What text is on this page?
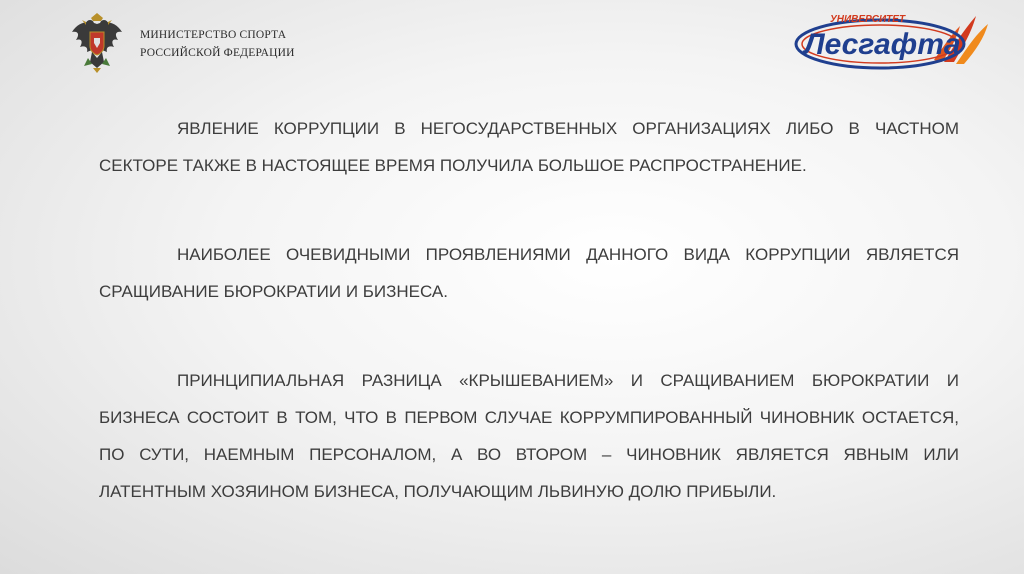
МИНИСТЕРСТВО СПОРТА
РОССИЙСКОЙ ФЕДЕРАЦИИ
УНИВЕРСИТЕТ
Лесгафта

ЯВЛЕНИЕ КОРРУПЦИИ В НЕГОСУДАРСТВЕННЫХ ОРГАНИЗАЦИЯХ ЛИБО В ЧАСТНОМ СЕКТОРЕ ТАКЖЕ В НАСТОЯЩЕЕ ВРЕМЯ ПОЛУЧИЛА БОЛЬШОЕ РАСПРОСТРАНЕНИЕ.

НАИБОЛЕЕ ОЧЕВИДНЫМИ ПРОЯВЛЕНИЯМИ ДАННОГО ВИДА КОРРУПЦИИ ЯВЛЯЕТСЯ СРАЩИВАНИЕ БЮРОКРАТИИ И БИЗНЕСА.

ПРИНЦИПИАЛЬНАЯ РАЗНИЦА «КРЫШЕВАНИЕМ» И СРАЩИВАНИЕМ БЮРОКРАТИИ И БИЗНЕСА СОСТОИТ В ТОМ, ЧТО В ПЕРВОМ СЛУЧАЕ КОРРУМПИРОВАННЫЙ ЧИНОВНИК ОСТАЕТСЯ, ПО СУТИ, НАЕМНЫМ ПЕРСОНАЛОМ, А ВО ВТОРОМ – ЧИНОВНИК ЯВЛЯЕТСЯ ЯВНЫМ ИЛИ ЛАТЕНТНЫМ ХОЗЯИНОМ БИЗНЕСА, ПОЛУЧАЮЩИМ ЛЬВИНУЮ ДОЛЮ ПРИБЫЛИ.
